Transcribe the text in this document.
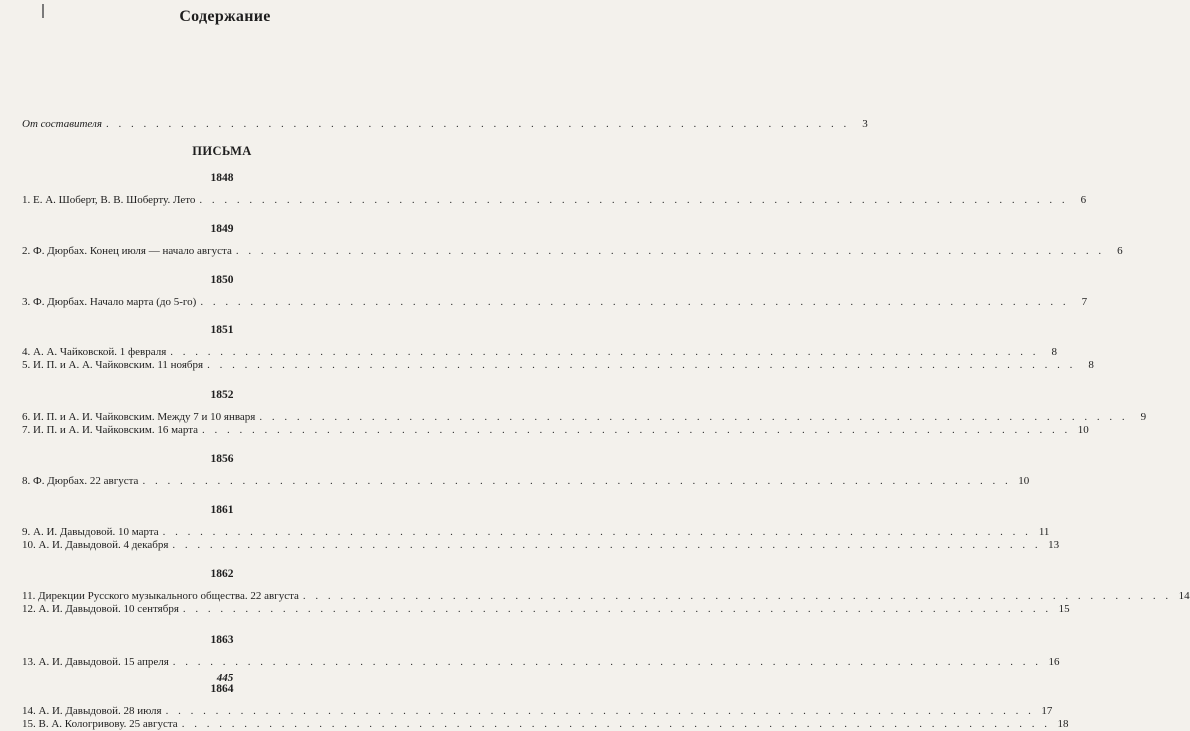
Содержание
От составителя . . . . . . . . . . . . . . . . . . . . . . . . . . . . . . . . . . . . . . . . . . . . . . . . . . . . . . . . . . . .	3
ПИСЬМА
1848
1. Е. А. Шоберт, В. В. Шоберту. Лето . . . . . . . . . . . . . . . . . . . . . . . . . . . . . . . . . . . . . . . . . . . . . . . . . . . . . . . . . . . . . . . . . . . . . .	6
1849
2. Ф. Дюрбах. Конец июля — начало августа . . . . . . . . . . . . . . . . . . . . . . . . . . . . . . . . . . . . . . . . . . . . . . . . . . . . . . . . . . . . . . . . . . . . . .	6
1850
3. Ф. Дюрбах. Начало марта (до 5-го) . . . . . . . . . . . . . . . . . . . . . . . . . . . . . . . . . . . . . . . . . . . . . . . . . . . . . . . . . . . . . . . . . . . . . .	7
1851
4. А. А. Чайковской. 1 февраля . . . . . . . . . . . . . . . . . . . . . . . . . . . . . . . . . . . . . . . . . . . . . . . . . . . . . . . . . . . . . . . . . . . . . .	8
5. И. П. и А. А. Чайковским. 11 ноября . . . . . . . . . . . . . . . . . . . . . . . . . . . . . . . . . . . . . . . . . . . . . . . . . . . . . . . . . . . . . . . . . . . . . .	8
1852
6. И. П. и А. И. Чайковским. Между 7 и 10 января . . . . . . . . . . . . . . . . . . . . . . . . . . . . . . . . . . . . . . . . . . . . . . . . . . . . . . . . . . . . . . . . . . . . . .	9
7. И. П. и А. И. Чайковским. 16 марта . . . . . . . . . . . . . . . . . . . . . . . . . . . . . . . . . . . . . . . . . . . . . . . . . . . . . . . . . . . . . . . . . . . . . . 10
1856
8. Ф. Дюрбах. 22 августа . . . . . . . . . . . . . . . . . . . . . . . . . . . . . . . . . . . . . . . . . . . . . . . . . . . . . . . . . . . . . . . . . . . . . . 10
1861
9. А. И. Давыдовой. 10 марта . . . . . . . . . . . . . . . . . . . . . . . . . . . . . . . . . . . . . . . . . . . . . . . . . . . . . . . . . . . . . . . . . . . . . . 11
10. А. И. Давыдовой. 4 декабря . . . . . . . . . . . . . . . . . . . . . . . . . . . . . . . . . . . . . . . . . . . . . . . . . . . . . . . . . . . . . . . . . . . . . . 13
1862
11. Дирекции Русского музыкального общества. 22 августа . . . . . . . . . . . . . . . . . . . . . . . . . . . . . . . . . . . . . . . . . . . . . . . . . . . . . . . . . . . . . . . . . . . . . . 14
12. А. И. Давыдовой. 10 сентября . . . . . . . . . . . . . . . . . . . . . . . . . . . . . . . . . . . . . . . . . . . . . . . . . . . . . . . . . . . . . . . . . . . . . . 15
1863
13. А. И. Давыдовой. 15 апреля . . . . . . . . . . . . . . . . . . . . . . . . . . . . . . . . . . . . . . . . . . . . . . . . . . . . . . . . . . . . . . . . . . . . . . 16
1864
14. А. И. Давыдовой. 28 июля . . . . . . . . . . . . . . . . . . . . . . . . . . . . . . . . . . . . . . . . . . . . . . . . . . . . . . . . . . . . . . . . . . . . . . 17
15. В. А. Кологривову. 25 августа . . . . . . . . . . . . . . . . . . . . . . . . . . . . . . . . . . . . . . . . . . . . . . . . . . . . . . . . . . . . . . . . . . . . . . 18
445
